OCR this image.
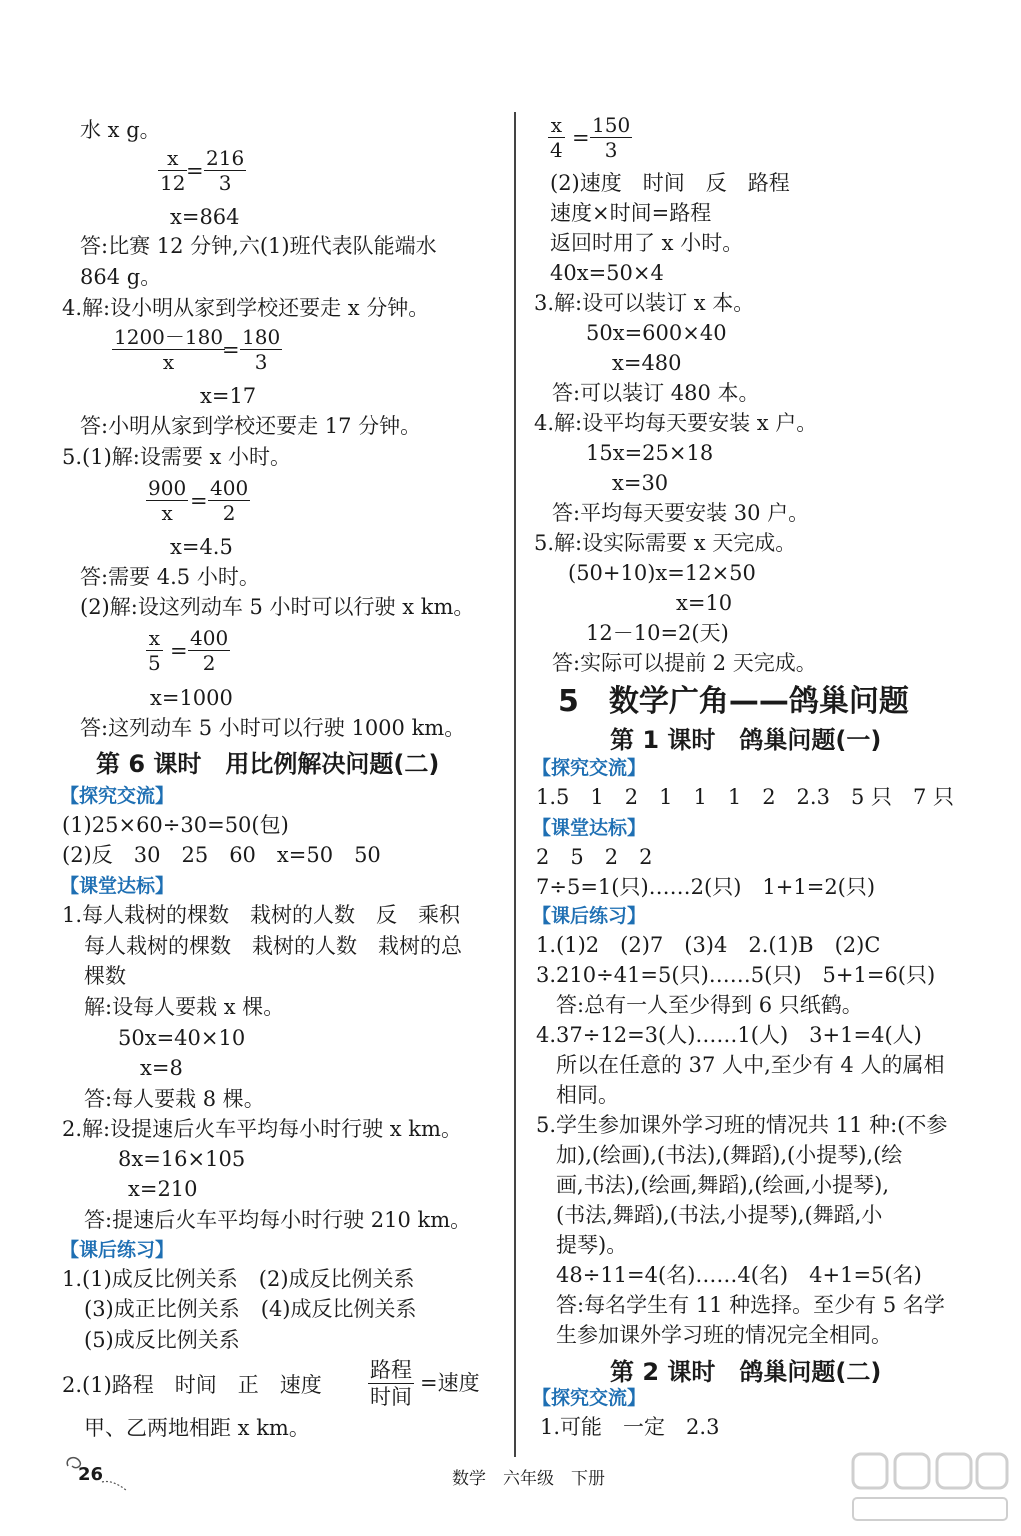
水 x g。
$\frac{x}{12}$
= $\frac{216}{3}$
x=864
答:比赛 12 分钟,六(1)班代表队能端水
864 g。
4.解:设小明从家到学校还要走 x 分钟。
$\frac{1200-180}{x}$
= $\frac{180}{3}$
x=17
答:小明从家到学校还要走 17 分钟。
5.(1)解:设需要 x 小时。
$\frac{900}{x} = \frac{400}{2}$
x=4.5
答:需要 4.5 小时。
(2)解:设这列动车 5 小时可以行驶 x km。
$\frac{x}{5} = \frac{400}{2}$
x=1000
答:这列动车 5 小时可以行驶 1000 km。
第 6 课时　用比例解决问题(二)
【探究交流】
(1)25×60÷30=50(包)
(2)反　30　25　60　x=50　50
【课堂达标】
1.每人栽树的棵数　栽树的人数　反　乘积
每人栽树的棵数　栽树的人数　栽树的总
棵数
解:设每人要栽 x 棵。
50x=40×10
x=8
答:每人要栽 8 棵。
2.解:设提速后火车平均每小时行驶 x km。
8x=16×105
x=210
答:提速后火车平均每小时行驶 210 km。
【课后练习】
1.(1)成反比例关系　(2)成反比例关系
(3)成正比例关系　(4)成反比例关系
(5)成反比例关系
2.(1)路程　时间　正　速度
路程
时间
=速度
甲、乙两地相距 x km。
$\frac{x}{4} = \frac{150}{3}$
(2)速度　时间　反　路程
速度×时间=路程
返回时用了 x 小时。
40x=50×4
3.解:设可以装订 x 本。
50x=600×40
x=480
答:可以装订 480 本。
4.解:设平均每天要安装 x 户。
15x=25×18
x=30
答:平均每天要安装 30 户。
5.解:设实际需要 x 天完成。
(50+10)x=12×50
x=10
12－10=2(天)
答:实际可以提前 2 天完成。
5　数学广角——鸽巢问题
第 1 课时　鸽巢问题(一)
【探究交流】
1.5　1　2　1　1　1　2　2.3　5 只　7 只
【课堂达标】
2　5　2　2
7÷5=1(只)……2(只)　1+1=2(只)
【课后练习】
1.(1)2　(2)7　(3)4　2.(1)B　(2)C
3.210÷41=5(只)……5(只)　5+1=6(只)
答:总有一人至少得到 6 只纸鹤。
4.37÷12=3(人)……1(人)　3+1=4(人)
所以在任意的 37 人中,至少有 4 人的属相
相同。
5.学生参加课外学习班的情况共 11 种:(不参
加),(绘画),(书法),(舞蹈),(小提琴),(绘
画,书法),(绘画,舞蹈),(绘画,小提琴),
(书法,舞蹈),(书法,小提琴),(舞蹈,小
提琴)。
48÷11=4(名)……4(名)　4+1=5(名)
答:每名学生有 11 种选择。至少有 5 名学
生参加课外学习班的情况完全相同。
第 2 课时　鸽巢问题(二)
【探究交流】
1.可能　一定　2.3
26	数学　六年级　下册
